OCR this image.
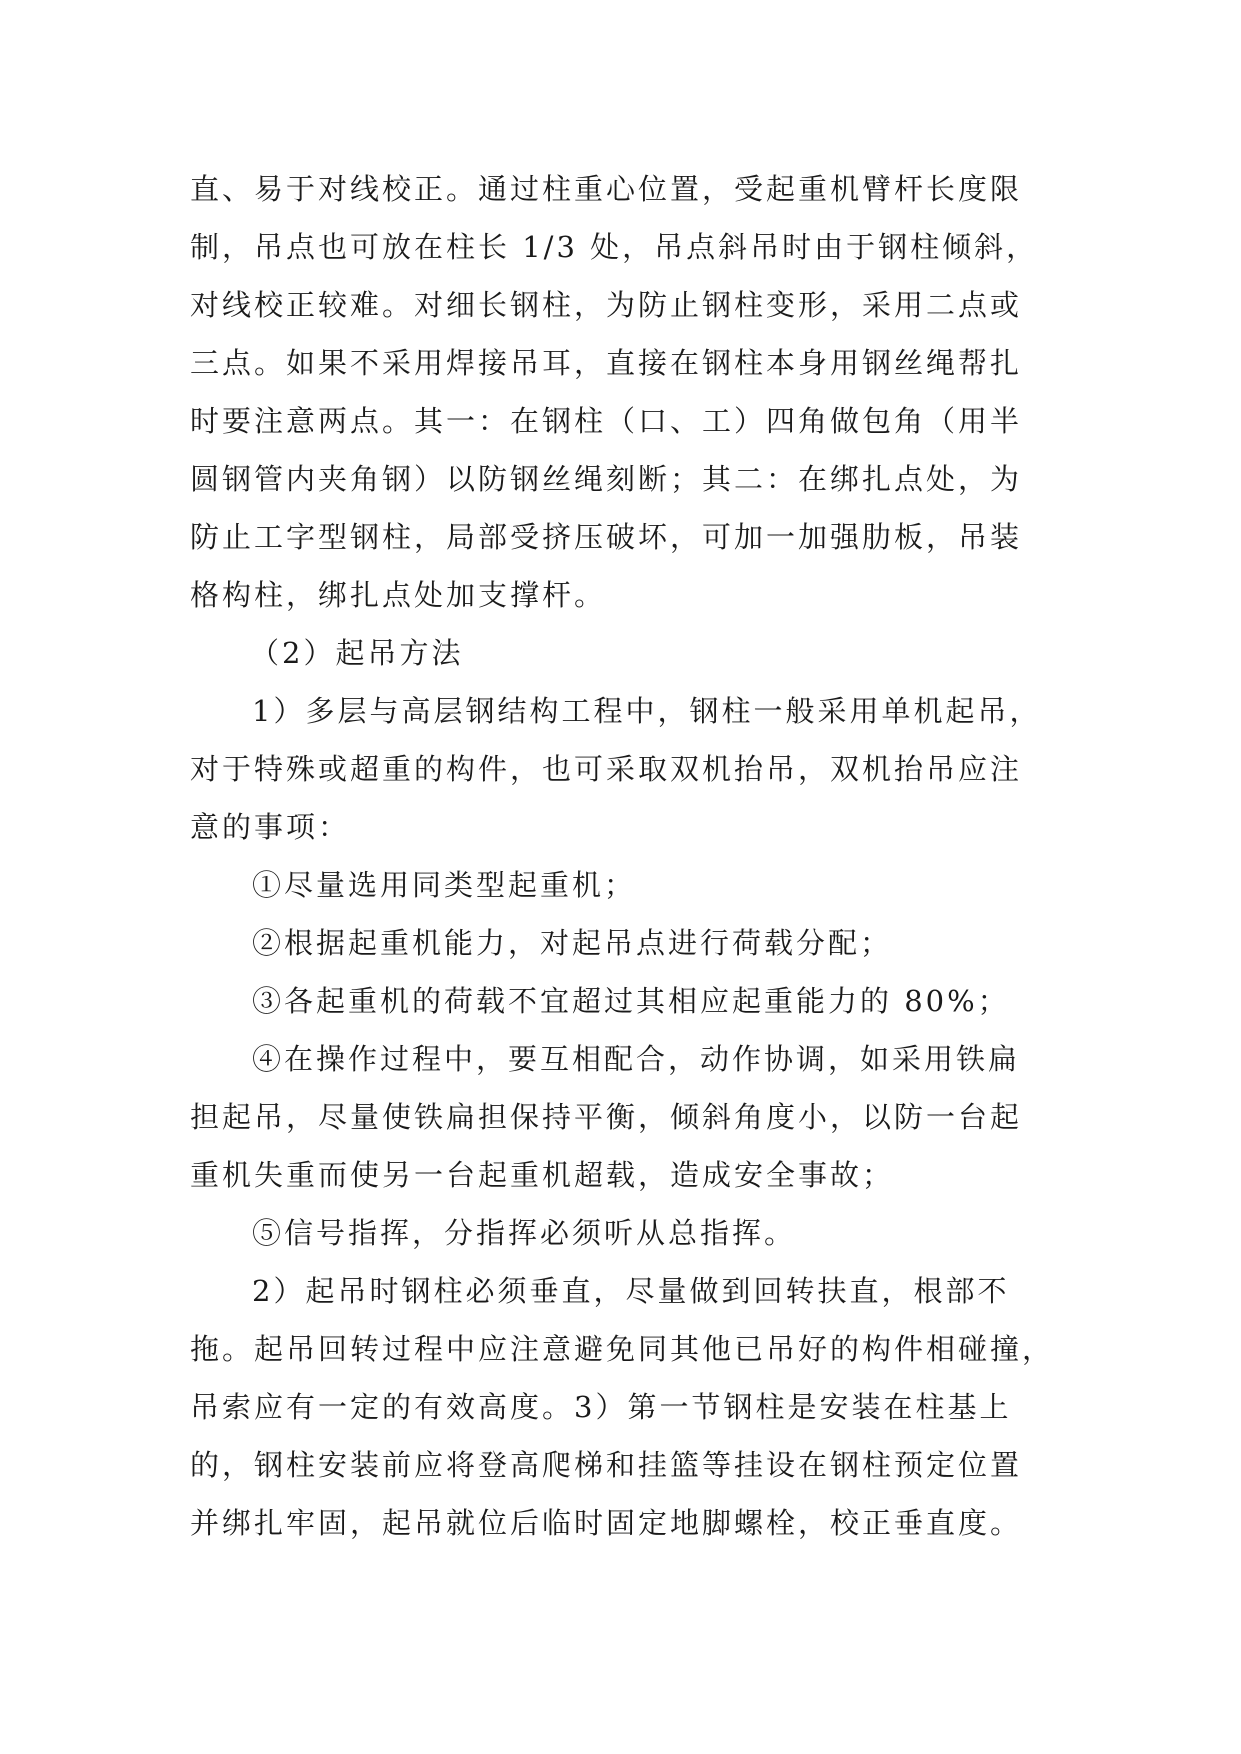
直、易于对线校正。通过柱重心位置，受起重机臂杆长度限
制，吊点也可放在柱长 1/3 处，吊点斜吊时由于钢柱倾斜，
对线校正较难。对细长钢柱，为防止钢柱变形，采用二点或
三点。如果不采用焊接吊耳，直接在钢柱本身用钢丝绳帮扎
时要注意两点。其一：在钢柱（口、工）四角做包角（用半
圆钢管内夹角钢）以防钢丝绳刻断；其二：在绑扎点处，为
防止工字型钢柱，局部受挤压破坏，可加一加强肋板，吊装
格构柱，绑扎点处加支撑杆。
（2）起吊方法
1）多层与高层钢结构工程中，钢柱一般采用单机起吊，
对于特殊或超重的构件，也可采取双机抬吊，双机抬吊应注
意的事项：
①尽量选用同类型起重机；
②根据起重机能力，对起吊点进行荷载分配；
③各起重机的荷载不宜超过其相应起重能力的 80%；
④在操作过程中，要互相配合，动作协调，如采用铁扁
担起吊，尽量使铁扁担保持平衡，倾斜角度小，以防一台起
重机失重而使另一台起重机超载，造成安全事故；
⑤信号指挥，分指挥必须听从总指挥。
2）起吊时钢柱必须垂直，尽量做到回转扶直，根部不
拖。起吊回转过程中应注意避免同其他已吊好的构件相碰撞，
吊索应有一定的有效高度。3）第一节钢柱是安装在柱基上
的，钢柱安装前应将登高爬梯和挂篮等挂设在钢柱预定位置
并绑扎牢固，起吊就位后临时固定地脚螺栓，校正垂直度。
